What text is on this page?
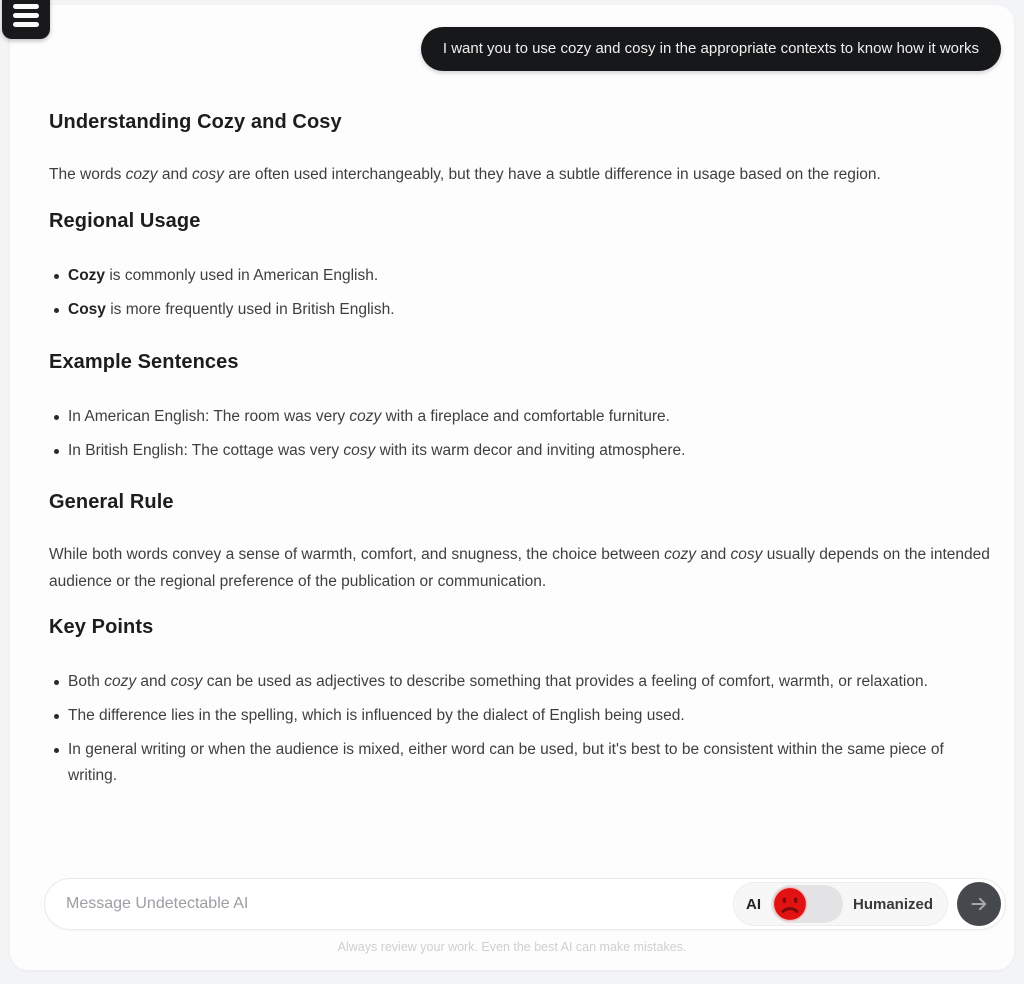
I want you to use cozy and cosy in the appropriate contexts to know how it works
Understanding Cozy and Cosy

The words cozy and cosy are often used interchangeably, but they have a subtle difference in usage based on the region.

Regional Usage
Cozy is commonly used in American English.
Cosy is more frequently used in British English.
Example Sentences
In American English: The room was very cozy with a fireplace and comfortable furniture.
In British English: The cottage was very cosy with its warm decor and inviting atmosphere.
General Rule

While both words convey a sense of warmth, comfort, and snugness, the choice between cozy and cosy usually depends on the intended audience or the regional preference of the publication or communication.

Key Points
Both cozy and cosy can be used as adjectives to describe something that provides a feeling of comfort, warmth, or relaxation.
The difference lies in the spelling, which is influenced by the dialect of English being used.
In general writing or when the audience is mixed, either word can be used, but it's best to be consistent within the same piece of writing.
Message Undetectable AI
AI	Humanized

Always review your work. Even the best AI can make mistakes.
